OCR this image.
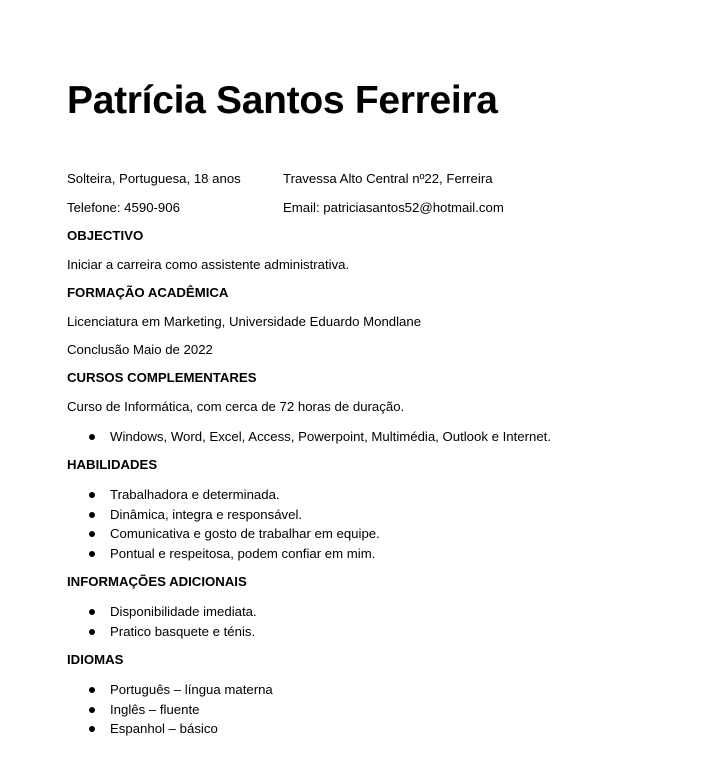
Patrícia Santos Ferreira
Solteira, Portuguesa, 18 anos	Travessa Alto Central nº22, Ferreira
Telefone: 4590-906	Email: patriciasantos52@hotmail.com
OBJECTIVO
Iniciar a carreira como assistente administrativa.
FORMAÇÃO ACADÊMICA
Licenciatura em Marketing, Universidade Eduardo Mondlane
Conclusão Maio de 2022
CURSOS COMPLEMENTARES
Curso de Informática, com cerca de 72 horas de duração.
Windows, Word, Excel, Access, Powerpoint, Multimédia, Outlook e Internet.
HABILIDADES
Trabalhadora e determinada.
Dinâmica, integra e responsável.
Comunicativa e gosto de trabalhar em equipe.
Pontual e respeitosa, podem confiar em mim.
INFORMAÇÕES ADICIONAIS
Disponibilidade imediata.
Pratico basquete e ténis.
IDIOMAS
Português – língua materna
Inglês – fluente
Espanhol – básico
